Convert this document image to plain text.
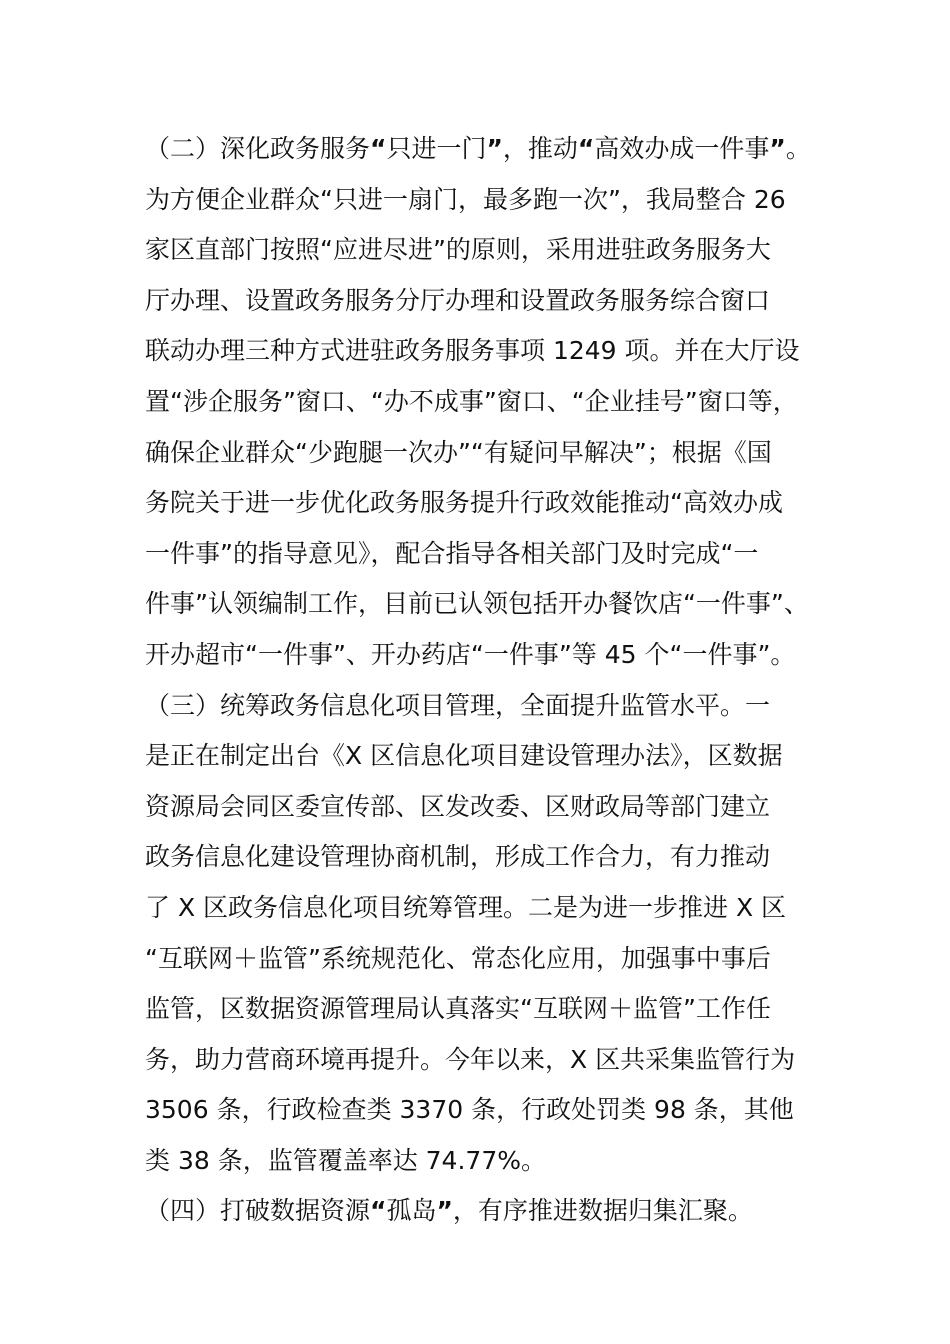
（二）深化政务服务“只进一门”，推动“高效办成一件事”。
为方便企业群众“只进一扇门，最多跑一次”，我局整合 26
家区直部门按照“应进尽进”的原则，采用进驻政务服务大
厅办理、设置政务服务分厅办理和设置政务服务综合窗口
联动办理三种方式进驻政务服务事项 1249 项。并在大厅设
置“涉企服务”窗口、“办不成事”窗口、“企业挂号”窗口等，
确保企业群众“少跑腿一次办”“有疑问早解决”；根据《国
务院关于进一步优化政务服务提升行政效能推动“高效办成
一件事”的指导意见》，配合指导各相关部门及时完成“一
件事”认领编制工作，目前已认领包括开办餐饮店“一件事”、
开办超市“一件事”、开办药店“一件事”等 45 个“一件事”。
（三）统筹政务信息化项目管理，全面提升监管水平。一
是正在制定出台《X 区信息化项目建设管理办法》，区数据
资源局会同区委宣传部、区发改委、区财政局等部门建立
政务信息化建设管理协商机制，形成工作合力，有力推动
了 X 区政务信息化项目统筹管理。二是为进一步推进 X 区
“互联网＋监管”系统规范化、常态化应用，加强事中事后
监管，区数据资源管理局认真落实“互联网＋监管”工作任
务，助力营商环境再提升。今年以来，X 区共采集监管行为
3506 条，行政检查类 3370 条，行政处罚类 98 条，其他
类 38 条，监管覆盖率达 74.77%。
（四）打破数据资源“孤岛”，有序推进数据归集汇聚。
